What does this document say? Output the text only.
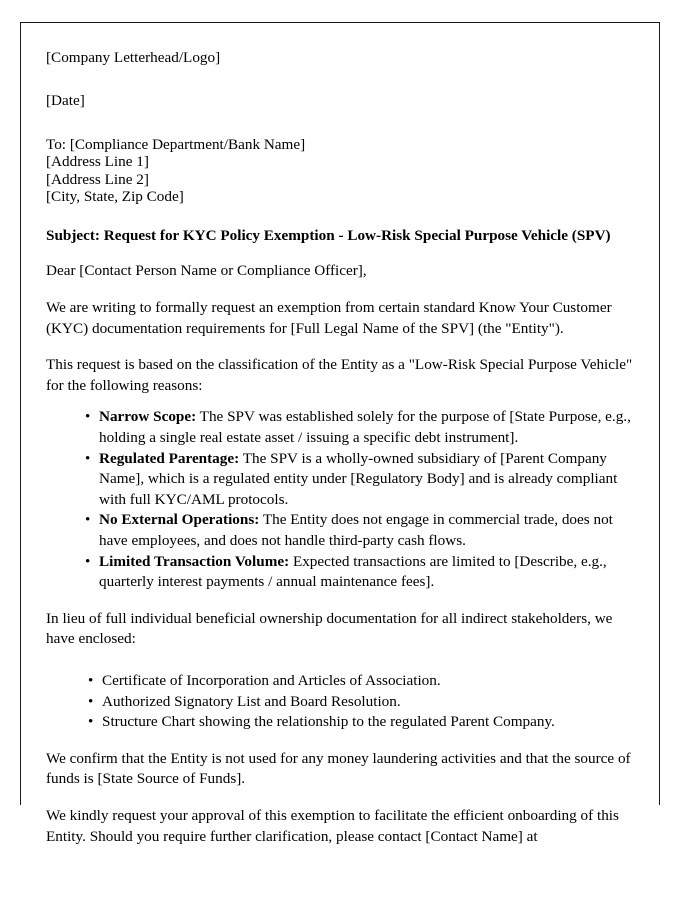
[Company Letterhead/Logo]
[Date]
To: [Compliance Department/Bank Name]
[Address Line 1]
[Address Line 2]
[City, State, Zip Code]
Subject: Request for KYC Policy Exemption - Low-Risk Special Purpose Vehicle (SPV)
Dear [Contact Person Name or Compliance Officer],
We are writing to formally request an exemption from certain standard Know Your Customer (KYC) documentation requirements for [Full Legal Name of the SPV] (the "Entity").
This request is based on the classification of the Entity as a "Low-Risk Special Purpose Vehicle" for the following reasons:
• Narrow Scope: The SPV was established solely for the purpose of [State Purpose, e.g., holding a single real estate asset / issuing a specific debt instrument].
• Regulated Parentage: The SPV is a wholly-owned subsidiary of [Parent Company Name], which is a regulated entity under [Regulatory Body] and is already compliant with full KYC/AML protocols.
• No External Operations: The Entity does not engage in commercial trade, does not have employees, and does not handle third-party cash flows.
• Limited Transaction Volume: Expected transactions are limited to [Describe, e.g., quarterly interest payments / annual maintenance fees].
In lieu of full individual beneficial ownership documentation for all indirect stakeholders, we have enclosed:
• Certificate of Incorporation and Articles of Association.
• Authorized Signatory List and Board Resolution.
• Structure Chart showing the relationship to the regulated Parent Company.
We confirm that the Entity is not used for any money laundering activities and that the source of funds is [State Source of Funds].
We kindly request your approval of this exemption to facilitate the efficient onboarding of this Entity. Should you require further clarification, please contact [Contact Name] at
